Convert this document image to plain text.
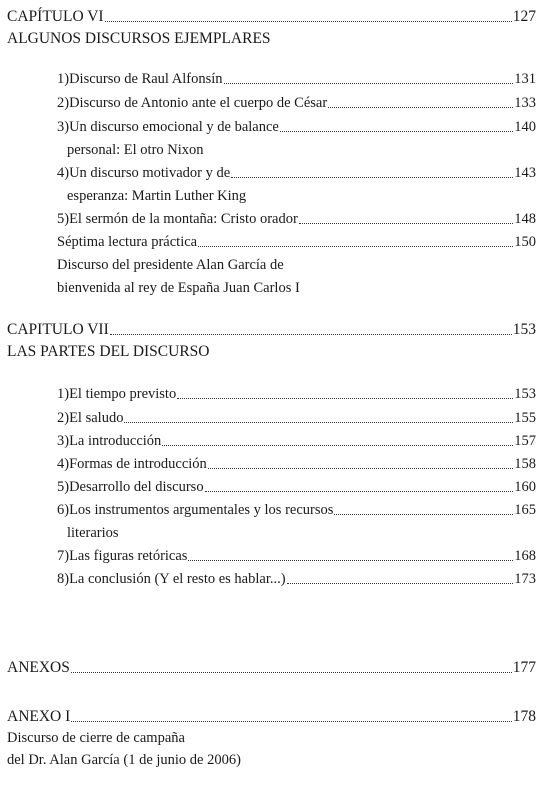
CAPÍTULO VI	127
ALGUNOS DISCURSOS EJEMPLARES
1)Discurso de Raul Alfonsín	131
2)Discurso de Antonio ante el cuerpo de César	133
3)Un discurso emocional y de balance	140
personal: El otro Nixon
4)Un discurso motivador y de	143
esperanza: Martin Luther King
5)El sermón de la montaña: Cristo orador	148
Séptima lectura práctica	150
Discurso del presidente Alan García de
bienvenida al rey de España Juan Carlos I
CAPITULO VII	153
LAS PARTES DEL DISCURSO
1)El tiempo previsto	153
2)El saludo	155
3)La introducción	157
4)Formas de introducción	158
5)Desarrollo del discurso	160
6)Los instrumentos argumentales y los recursos	165
literarios
7)Las figuras retóricas	168
8)La conclusión (Y el resto es hablar...)	173
ANEXOS	177
ANEXO I	178
Discurso de cierre de campaña
del Dr. Alan García (1 de junio de 2006)
